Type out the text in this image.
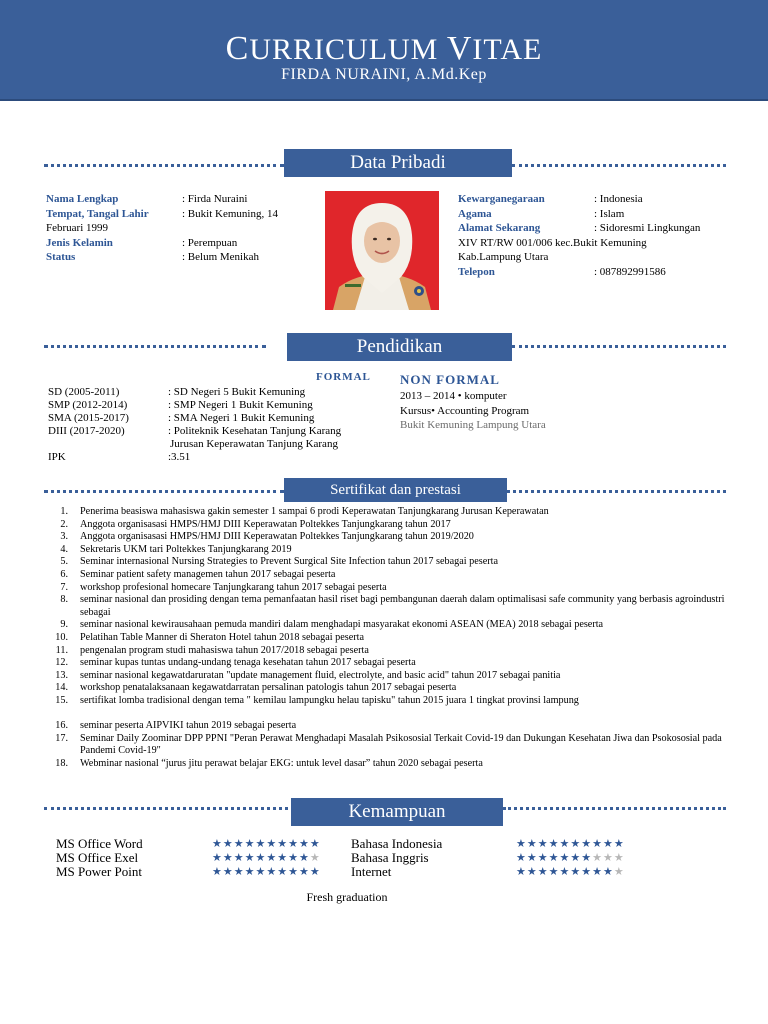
CURRICULUM VITAE
FIRDA NURAINI, A.Md.Kep
Data Pribadi
Nama Lengkap	: Firda Nuraini
Tempat, Tangal Lahir	: Bukit Kemuning, 14
Februari 1999
Jenis Kelamin	: Perempuan
Status	: Belum Menikah
Kewarganegaraan	: Indonesia
Agama	: Islam
Alamat Sekarang	: Sidoresmi Lingkungan
XIV RT/RW 001/006 kec.Bukit Kemuning
Kab.Lampung Utara
Telepon	: 087892991586
Pendidikan
FORMAL NON FORMAL
SD (2005-2011)	: SD Negeri 5 Bukit Kemuning
SMP (2012-2014)	: SMP Negeri 1 Bukit Kemuning
SMA (2015-2017)	: SMA Negeri 1 Bukit Kemuning
DIII (2017-2020)	: Politeknik Kesehatan Tanjung Karang
Jurusan Keperawatan Tanjung Karang
IPK	:3.51
2013 – 2014 • komputer
Kursus• Accounting Program
Bukit Kemuning Lampung Utara
Sertifikat dan prestasi
1. Penerima beasiswa mahasiswa gakin semester 1 sampai 6 prodi Keperawatan Tanjungkarang Jurusan Keperawatan
2. Anggota organisasasi HMPS/HMJ DIII Keperawatan Poltekkes Tanjungkarang tahun 2017
3. Anggota organisasasi HMPS/HMJ DIII Keperawatan Poltekkes Tanjungkarang tahun 2019/2020
4. Sekretaris UKM tari Poltekkes Tanjungkarang 2019
5. Seminar internasional Nursing Strategies to Prevent Surgical Site Infection tahun 2017 sebagai peserta
6. Seminar patient safety managemen tahun 2017 sebagai peserta
7. workshop profesional homecare Tanjungkarang tahun 2017 sebagai peserta
8. seminar nasional dan prosiding dengan tema pemanfaatan hasil riset bagi pembangunan daerah dalam optimalisasi safe community yang berbasis agroindustri sebagai
9. seminar nasional kewirausahaan pemuda mandiri dalam menghadapi masyarakat ekonomi ASEAN (MEA) 2018 sebagai peserta
10. Pelatihan Table Manner di Sheraton Hotel tahun 2018 sebagai peserta
11. pengenalan program studi mahasiswa tahun 2017/2018 sebagai peserta
12. seminar kupas tuntas undang-undang tenaga kesehatan tahun 2017 sebagai peserta
13. seminar nasional kegawatdaruratan "update management fluid, electrolyte, and basic acid" tahun 2017 sebagai panitia
14. workshop penatalaksanaan kegawatdarratan persalinan patologis tahun 2017 sebagai peserta
15. sertifikat lomba tradisional dengan tema " kemilau lampungku helau tapisku" tahun 2015 juara 1 tingkat provinsi lampung
16. seminar peserta AIPVIKI tahun 2019 sebagai peserta
17. Seminar Daily Zoominar DPP PPNI "Peran Perawat Menghadapi Masalah Psikososial Terkait Covid-19 dan Dukungan Kesehatan Jiwa dan Psokososial pada Pandemi Covid-19"
18. Webminar nasional “jurus jitu perawat belajar EKG: untuk level dasar” tahun 2020 sebagai peserta
Kemampuan
MS Office Word	★★★★★★★★★★
MS Office Exel	★★★★★★★★★★
MS Power Point	★★★★★★★★★★
Bahasa Indonesia	★★★★★★★★★★
Bahasa Inggris	★★★★★★★★★★
Internet	★★★★★★★★★★
Fresh graduation
